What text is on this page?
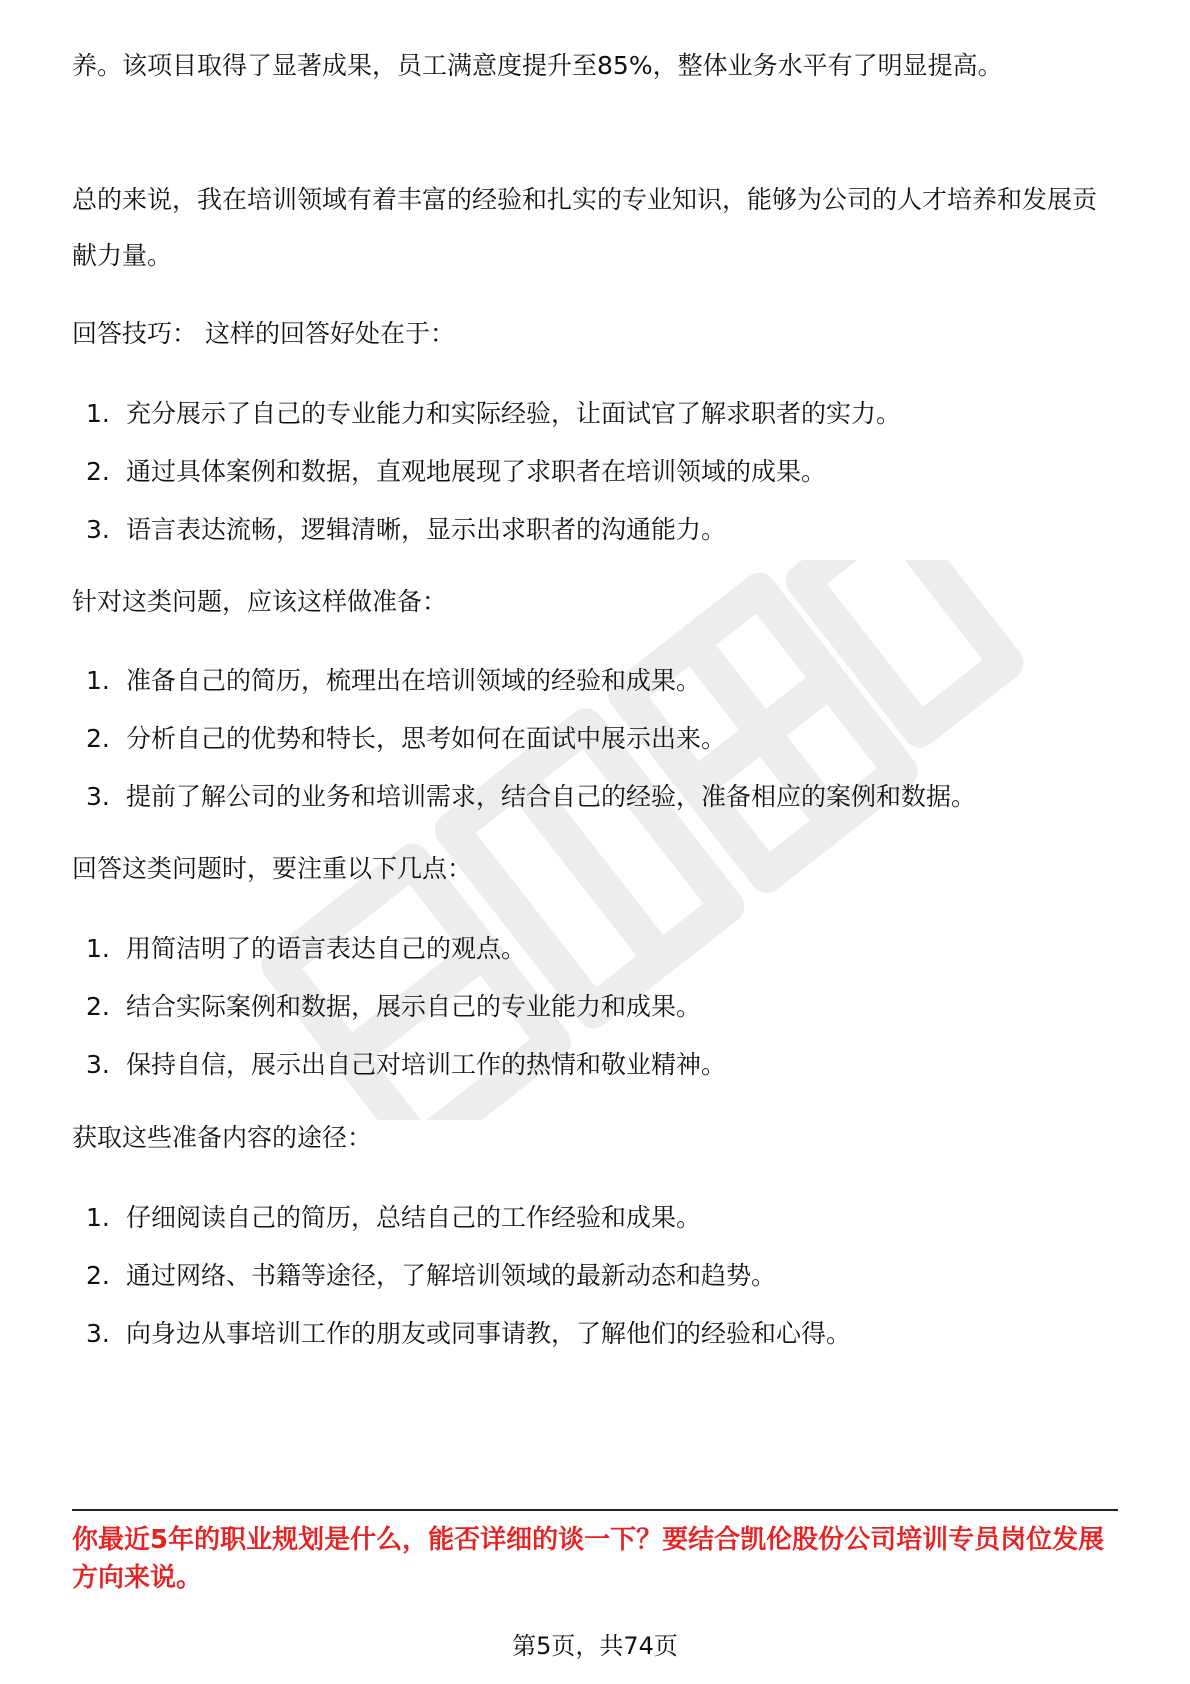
养。该项目取得了显著成果，员工满意度提升至85%，整体业务水平有了明显提高。

总的来说，我在培训领域有着丰富的经验和扎实的专业知识，能够为公司的人才培养和发展贡献力量。

回答技巧： 这样的回答好处在于：

1. 充分展示了自己的专业能力和实际经验，让面试官了解求职者的实力。
2. 通过具体案例和数据，直观地展现了求职者在培训领域的成果。
3. 语言表达流畅，逻辑清晰，显示出求职者的沟通能力。

针对这类问题，应该这样做准备：

1. 准备自己的简历，梳理出在培训领域的经验和成果。
2. 分析自己的优势和特长，思考如何在面试中展示出来。
3. 提前了解公司的业务和培训需求，结合自己的经验，准备相应的案例和数据。

回答这类问题时，要注重以下几点：

1. 用简洁明了的语言表达自己的观点。
2. 结合实际案例和数据，展示自己的专业能力和成果。
3. 保持自信，展示出自己对培训工作的热情和敬业精神。

获取这些准备内容的途径：

1. 仔细阅读自己的简历，总结自己的工作经验和成果。
2. 通过网络、书籍等途径，了解培训领域的最新动态和趋势。
3. 向身边从事培训工作的朋友或同事请教，了解他们的经验和心得。

你最近5年的职业规划是什么，能否详细的谈一下？要结合凯伦股份公司培训专员岗位发展方向来说。

第5页，共74页
